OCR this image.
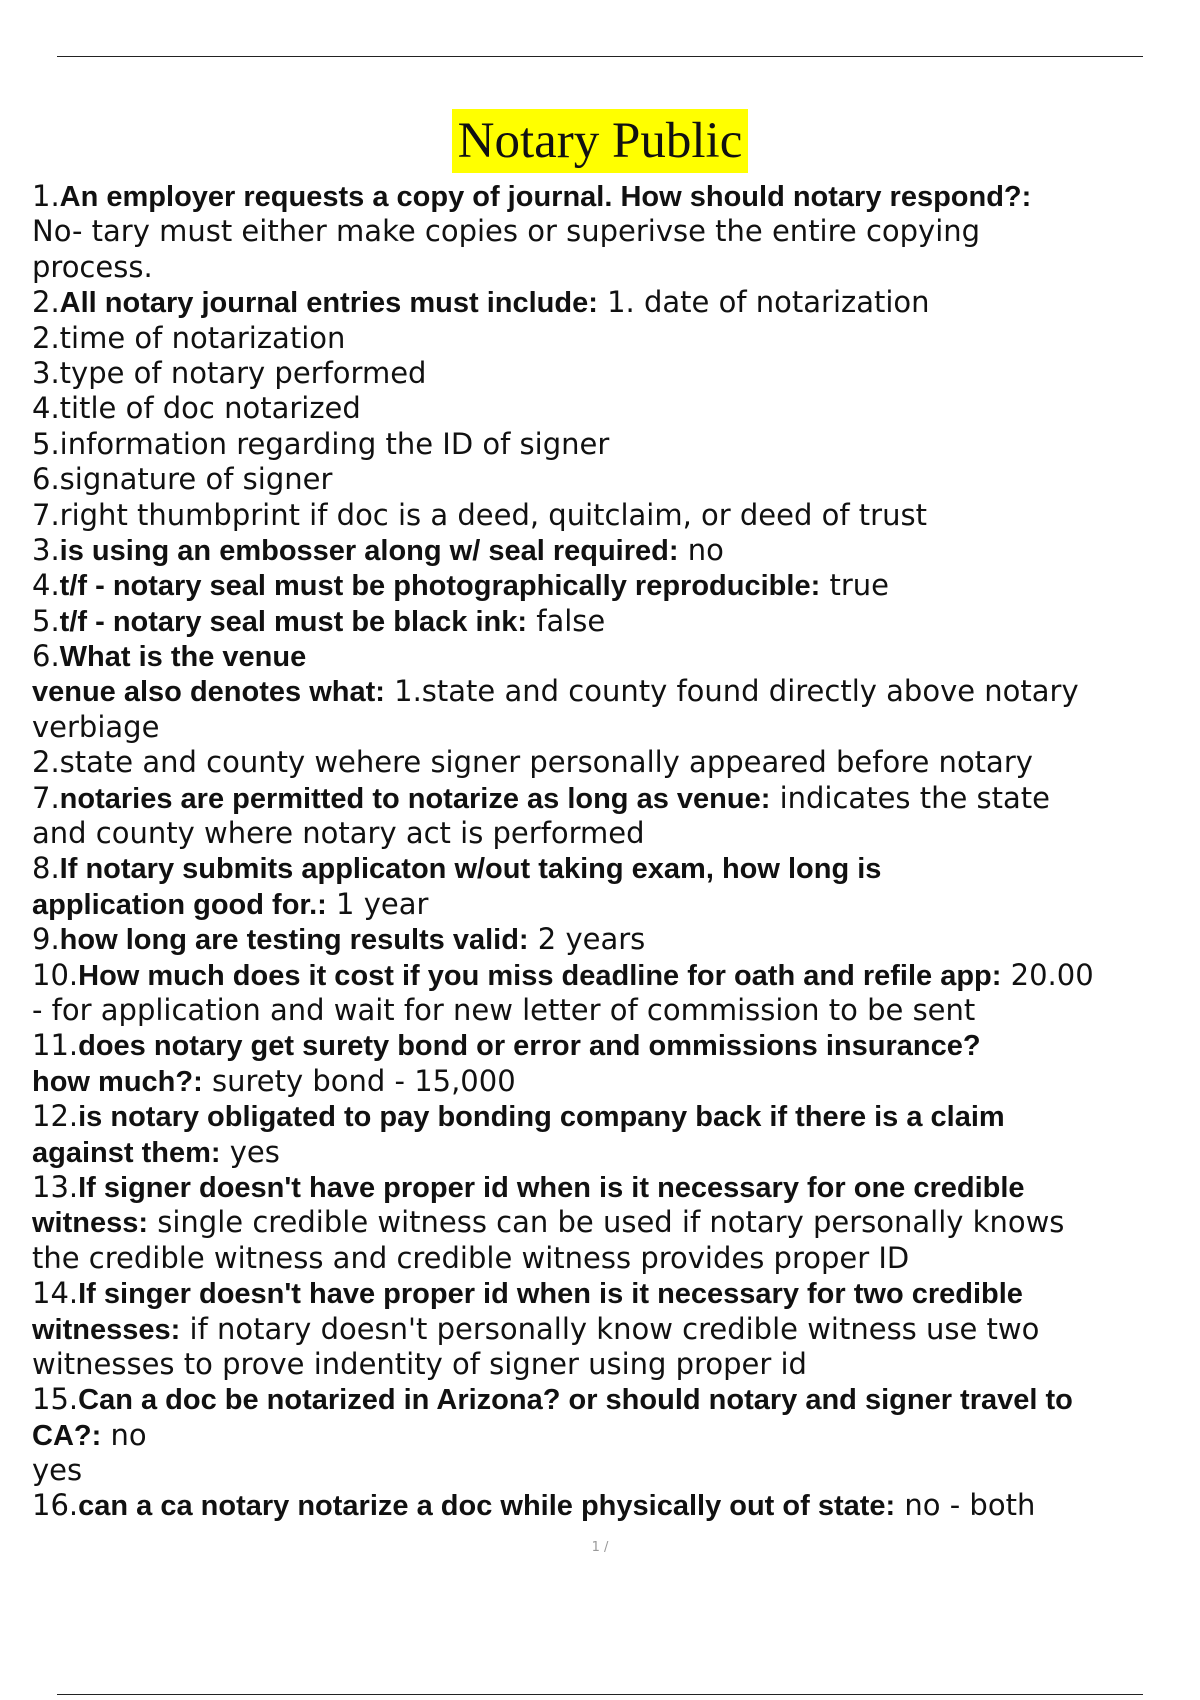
Notary Public
1.An employer requests a copy of journal. How should notary respond?:
No- tary must either make copies or superivse the entire copying
process.
2.All notary journal entries must include: 1. date of notarization
2.time of notarization
3.type of notary performed
4.title of doc notarized
5.information regarding the ID of signer
6.signature of signer
7.right thumbprint if doc is a deed, quitclaim, or deed of trust
3.is using an embosser along w/ seal required: no
4.t/f - notary seal must be photographically reproducible: true
5.t/f - notary seal must be black ink: false
6.What is the venue
venue also denotes what: 1.state and county found directly above notary
verbiage
2.state and county wehere signer personally appeared before notary
7.notaries are permitted to notarize as long as venue: indicates the state
and county where notary act is performed
8.If notary submits applicaton w/out taking exam, how long is
application good for.: 1 year
9.how long are testing results valid: 2 years
10.How much does it cost if you miss deadline for oath and refile app: 20.00
- for application and wait for new letter of commission to be sent
11.does notary get surety bond or error and ommissions insurance?
how much?: surety bond - 15,000
12.is notary obligated to pay bonding company back if there is a claim
against them: yes
13.If signer doesn't have proper id when is it necessary for one credible
witness: single credible witness can be used if notary personally knows
the credible witness and credible witness provides proper ID
14.If singer doesn't have proper id when is it necessary for two credible
witnesses: if notary doesn't personally know credible witness use two
witnesses to prove indentity of signer using proper id
15.Can a doc be notarized in Arizona? or should notary and signer travel to
CA?: no
yes
16.can a ca notary notarize a doc while physically out of state: no - both
1 /
